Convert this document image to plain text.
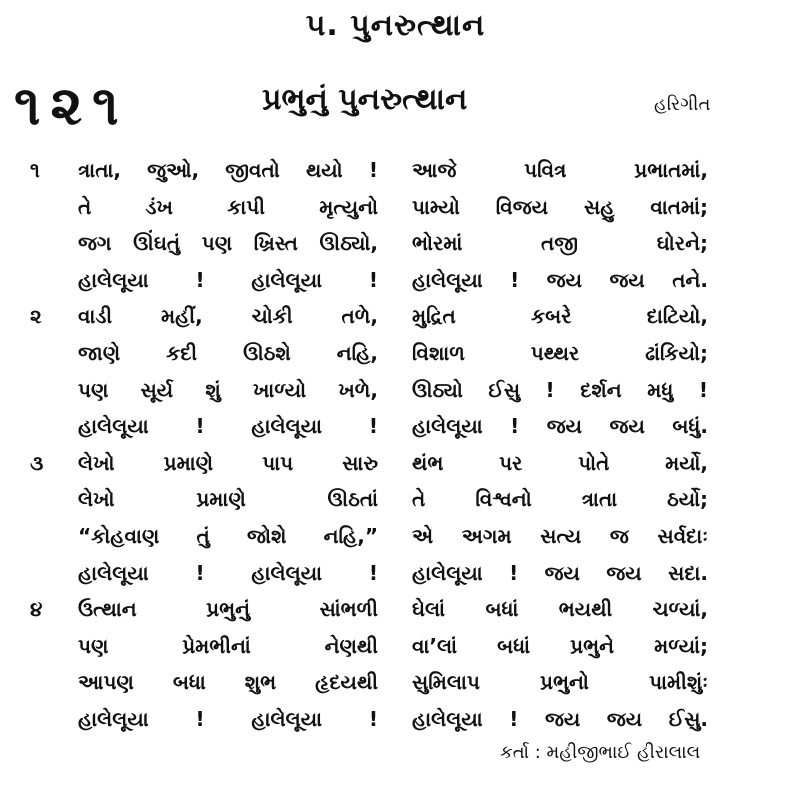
૫. પુનરુત્થાન
૧૨૧	પ્રભુનું પુનરુત્થાન	હરિગીત
૧ ત્રાતા, જુઓ, જીવતો થયો ! આજે પવિત્ર પ્રભાતમાં,
તે ડંખ કાપી મૃત્યુનો પામ્યો વિજય સહુ વાતમાં;
જગ ઊંઘતું પણ ખ્રિસ્ત ઊઠ્યો, ભોરમાં તજી ઘોરને;
હાલેલૂયા ! હાલેલૂયા ! હાલેલૂયા ! જય જય તને.
૨ વાડી મહીં, ચોકી તળે, મુદ્રિત કબરે દાટિયો,
જાણે કદી ઊઠશે નહિ, વિશાળ પથ્થર ઢાંકિયો;
પણ સૂર્ય શું ખાળ્યો ખળે, ઊઠ્યો ઈસુ ! દર્શન મધુ !
હાલેલૂયા ! હાલેલૂયા ! હાલેલૂયા ! જય જય બધું.
૩ લેખો પ્રમાણે પાપ સારુ થંભ પર પોતે મર્યો,
લેખો પ્રમાણે ઊઠતાં તે વિશ્વનો ત્રાતા ઠર્યો;
“કોહવાણ તું જોશે નહિ,” એ અગમ સત્ય જ સર્વદાઃ
હાલેલૂયા ! હાલેલૂયા ! હાલેલૂયા ! જય જય સદા.
૪ ઉત્થાન પ્રભુનું સાંભળી ઘેલાં બધાં ભયથી ચળ્યાં,
પણ પ્રેમભીનાં નેણથી વા’લાં બધાં પ્રભુને મળ્યાં;
આપણ બધા શુભ હૃદયથી સુમિલાપ પ્રભુનો પામીશુંઃ
હાલેલૂયા ! હાલેલૂયા ! હાલેલૂયા ! જય જય ઈસુ.
કર્તા : મહીજીભાઈ હીરાલાલ
